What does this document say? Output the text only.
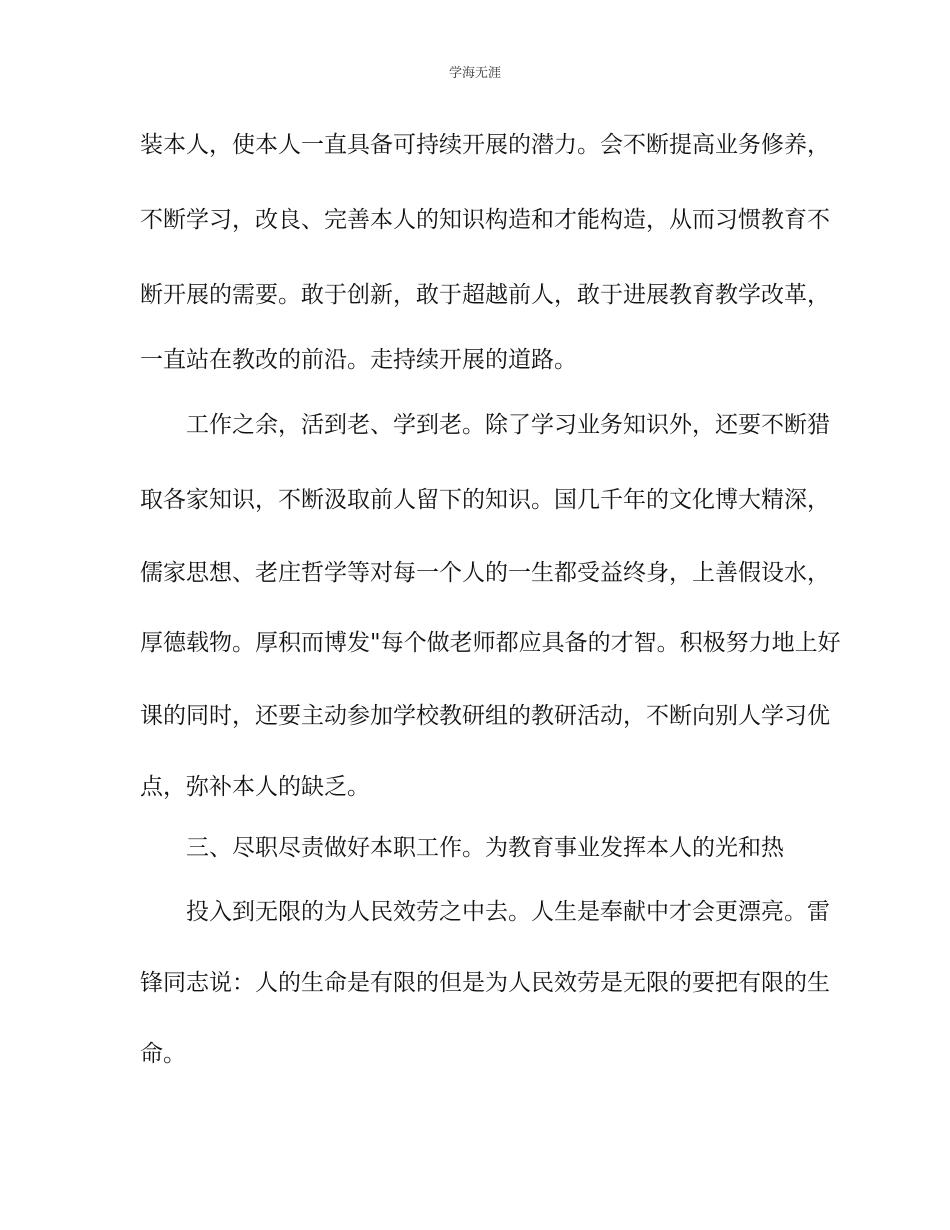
学海无涯
装本人，使本人一直具备可持续开展的潜力。会不断提高业务修养，
不断学习，改良、完善本人的知识构造和才能构造，从而习惯教育不
断开展的需要。敢于创新，敢于超越前人，敢于进展教育教学改革，
一直站在教改的前沿。走持续开展的道路。
工作之余，活到老、学到老。除了学习业务知识外，还要不断猎
取各家知识，不断汲取前人留下的知识。国几千年的文化博大精深，
儒家思想、老庄哲学等对每一个人的一生都受益终身，上善假设水，
厚德载物。厚积而博发"每个做老师都应具备的才智。积极努力地上好
课的同时，还要主动参加学校教研组的教研活动，不断向别人学习优
点，弥补本人的缺乏。
三、尽职尽责做好本职工作。为教育事业发挥本人的光和热
投入到无限的为人民效劳之中去。人生是奉献中才会更漂亮。雷
锋同志说：人的生命是有限的但是为人民效劳是无限的要把有限的生
命。
